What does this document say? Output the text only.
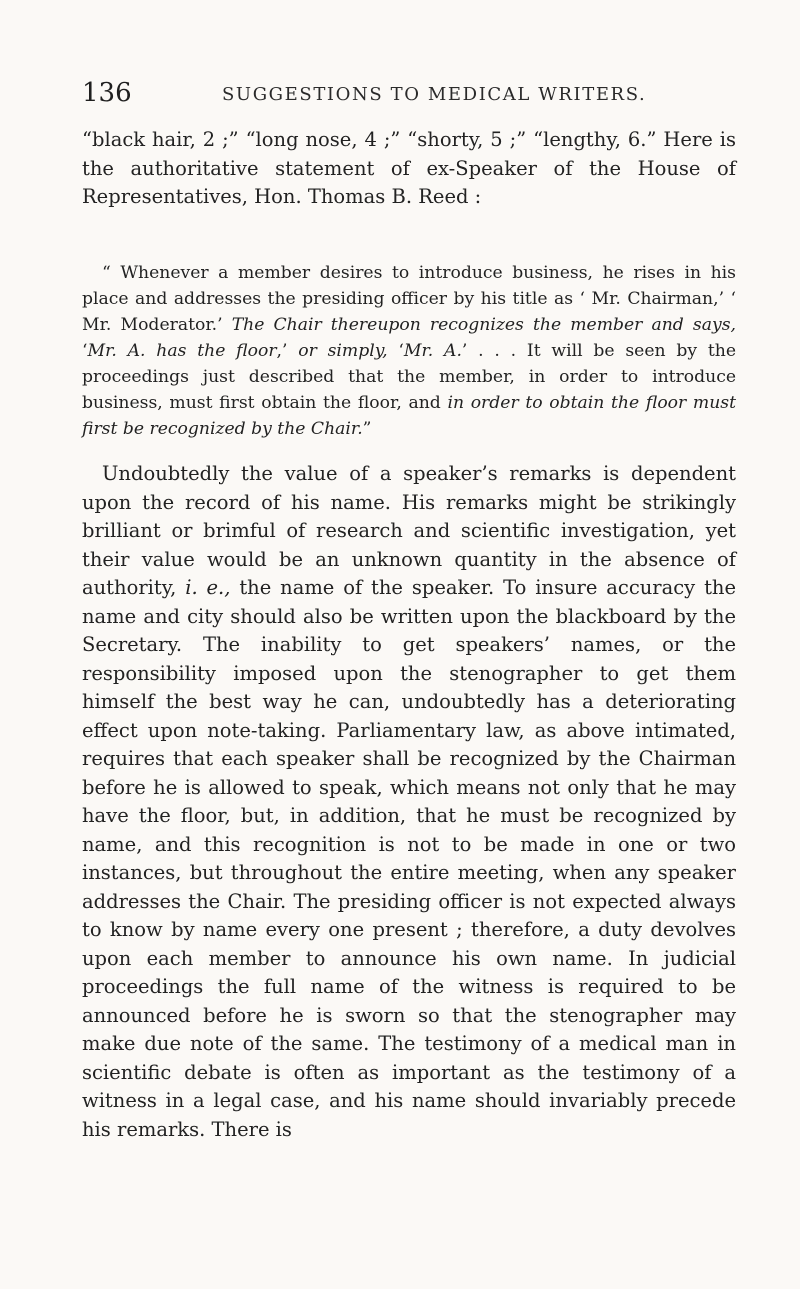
136	SUGGESTIONS TO MEDICAL WRITERS.

“black hair, 2 ;” “long nose, 4 ;” “shorty, 5 ;” “lengthy, 6.” Here is the authoritative statement of ex-Speaker of the House of Representatives, Hon. Thomas B. Reed :

“ Whenever a member desires to introduce business, he rises in his place and addresses the presiding officer by his title as ‘ Mr. Chairman,’ ‘ Mr. Moderator.’ The Chair thereupon recognizes the member and says, ‘Mr. A. has the floor,’ or simply, ‘Mr. A.’ . . . It will be seen by the proceedings just described that the member, in order to introduce business, must first obtain the floor, and in order to obtain the floor must first be recognized by the Chair.”

Undoubtedly the value of a speaker’s remarks is dependent upon the record of his name. His remarks might be strikingly brilliant or brimful of research and scientific investigation, yet their value would be an unknown quantity in the absence of authority, i. e., the name of the speaker. To insure accuracy the name and city should also be written upon the blackboard by the Secretary. The inability to get speakers’ names, or the responsibility imposed upon the stenographer to get them himself the best way he can, undoubtedly has a deteriorating effect upon note-taking. Parliamentary law, as above intimated, requires that each speaker shall be recognized by the Chairman before he is allowed to speak, which means not only that he may have the floor, but, in addition, that he must be recognized by name, and this recognition is not to be made in one or two instances, but throughout the entire meeting, when any speaker addresses the Chair. The presiding officer is not expected always to know by name every one present ; therefore, a duty devolves upon each member to announce his own name. In judicial proceedings the full name of the witness is required to be announced before he is sworn so that the stenographer may make due note of the same. The testimony of a medical man in scientific debate is often as important as the testimony of a witness in a legal case, and his name should invariably precede his remarks. There is
